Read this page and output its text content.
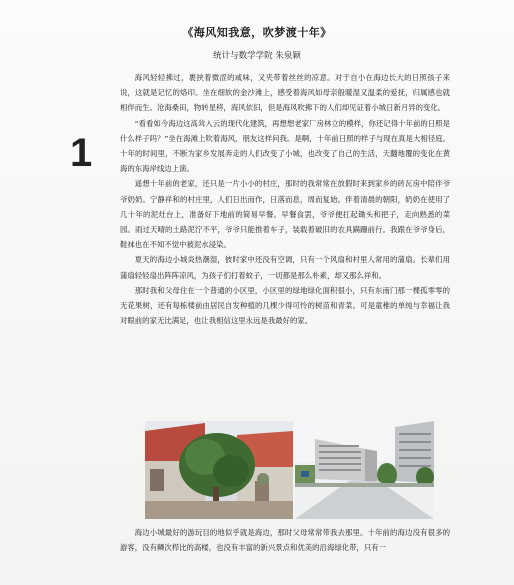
《海风知我意，吹梦渡十年》
统计与数学学院 朱泉颖
1

海风轻轻拂过，裹挟着微涩的咸味，又夹带着丝丝的凉意。对于自小在海边长大的日照孩子来说，这就是记忆的烙印。坐在细软的金沙滩上，感受着海风如母亲般暖湿又温柔的爱抚，归属感也就相伴而生。沧海桑田，物转星移，海风依旧，但是海风吹拂下的人们却见证着小城日新月异的变化。

“看看如今海边这高耸入云的现代化建筑，再想想老家厂房林立的模样，你还记得十年前的日照是什么样子吗？”坐在海滩上吹着海风，朋友这样问我。是啊，十年前日照的样子与现在真是大相径庭。十年的时间里，不断为家乡发展奔走的人们改变了小城，也改变了自己的生活，天翻地覆的变化在黄海的东海岸线边上演。

遥想十年前的老家，还只是一片小小的村庄，那时的我常常在放假时来到家乡的砖瓦房中陪伴爷爷奶奶。宁静祥和的村庄里，人们日出而作，日落而息，周而复始。伴着清晨的朝阳，奶奶在使用了几十年的泥灶台上，准备好下地前的简易早餐。早餐食罢，爷爷便扛起锄头和把子，走向熟悉的菜园。雨过天晴的土路泥泞不平，爷爷只能推着车子，装载着破旧的农具蹒跚前行。我跟在爷爷身后，鞋袜也在不知不觉中被泥水浸染。

夏天的海边小城炎热潮湿，彼时家中还没有空调，只有一个风扇和村里人常用的蒲扇。长辈们用蒲扇轻轻扇出阵阵凉风，为孩子们打着蚊子，一切都是那么朴素，却又那么祥和。

那时我和父母住在一个普通的小区里，小区里的绿地绿化面积很小，只有东南门那一棵孤零零的无花果树，还有每栋楼前由居民自发种植的几棵少得可怜的树苗和青菜。可是童稚的单纯与幸福让我对眼前的家无比满足，也让我相信这里永远是我最好的家。

海边小城最好的游玩目的地似乎就是海边，那时父母常常带我去那里。十年前的海边没有很多的游客，没有鳞次栉比的高楼，也没有丰富的新兴景点和优美的沿海绿化带，只有一
